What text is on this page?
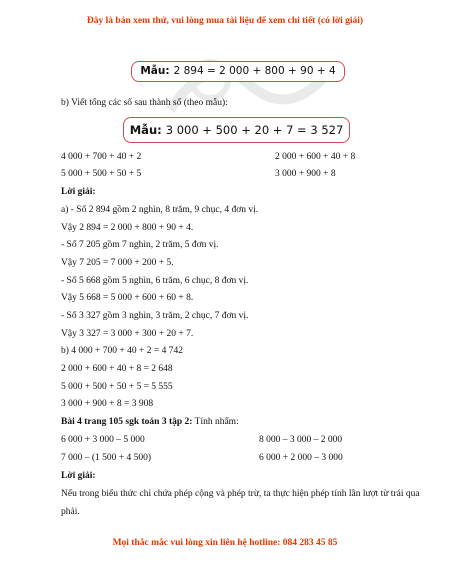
Đây là bản xem thử, vui lòng mua tài liệu để xem chi tiết (có lời giải)
Mẫu: 2 894 = 2 000 + 800 + 90 + 4
b) Viết tổng các số sau thành số (theo mẫu):
Mẫu: 3 000 + 500 + 20 + 7 = 3 527
4 000 + 700 + 40 + 2	2 000 + 600 + 40 + 8
5 000 + 500 + 50 + 5	3 000 + 900 + 8
Lời giải:
a) - Số 2 894 gồm 2 nghìn, 8 trăm, 9 chục, 4 đơn vị.
Vậy 2 894 = 2 000 + 800 + 90 + 4.
- Số 7 205 gồm 7 nghìn, 2 trăm, 5 đơn vị.
Vậy 7 205 = 7 000 + 200 + 5.
- Số 5 668 gồm 5 nghìn, 6 trăm, 6 chục, 8 đơn vị.
Vậy 5 668 = 5 000 + 600 + 60 + 8.
- Số 3 327 gồm 3 nghìn, 3 trăm, 2 chục, 7 đơn vị.
Vậy 3 327 = 3 000 + 300 + 20 + 7.
b) 4 000 + 700 + 40 + 2 = 4 742
2 000 + 600 + 40 + 8 = 2 648
5 000 + 500 + 50 + 5 = 5 555
3 000 + 900 + 8 = 3 908
Bài 4 trang 105 sgk toán 3 tập 2: Tính nhẩm:
6 000 + 3 000 – 5 000	8 000 – 3 000 – 2 000
7 000 – (1 500 + 4 500)	6 000 + 2 000 – 3 000
Lời giải:
Nếu trong biểu thức chỉ chứa phép cộng và phép trừ, ta thực hiện phép tính lần lượt từ trái qua phải.
Mọi thắc mắc vui lòng xin liên hệ hotline: 084 283 45 85
